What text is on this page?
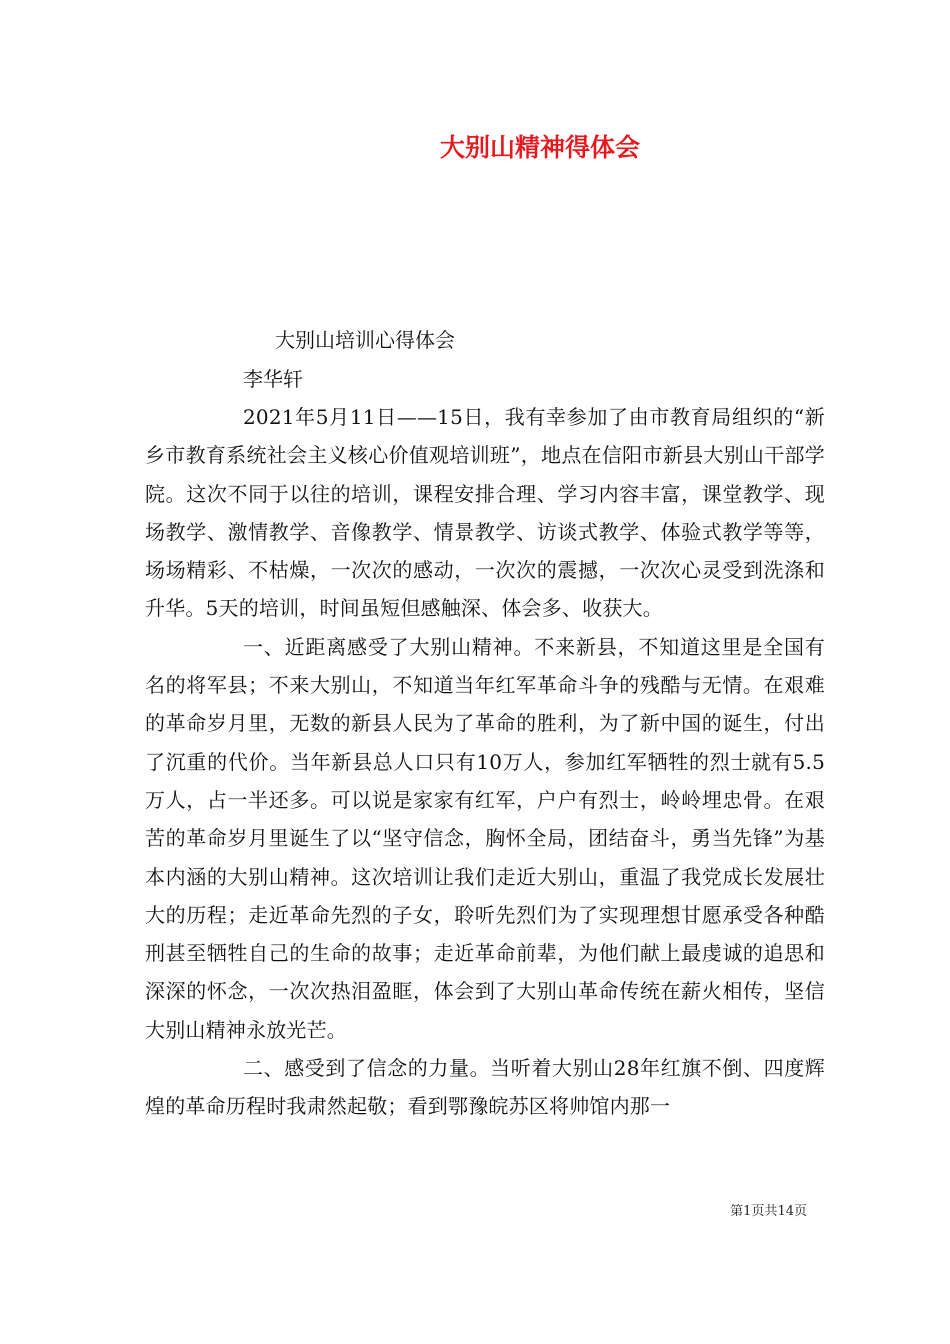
大别山精神得体会
大别山培训心得体会
李华轩

2021年5月11日——15日，我有幸参加了由市教育局组织的“新乡市教育系统社会主义核心价值观培训班”，地点在信阳市新县大别山干部学院。这次不同于以往的培训，课程安排合理、学习内容丰富，课堂教学、现场教学、激情教学、音像教学、情景教学、访谈式教学、体验式教学等等，场场精彩、不枯燥，一次次的感动，一次次的震撼，一次次心灵受到洗涤和升华。5天的培训，时间虽短但感触深、体会多、收获大。

一、近距离感受了大别山精神。不来新县，不知道这里是全国有名的将军县；不来大别山，不知道当年红军革命斗争的残酷与无情。在艰难的革命岁月里，无数的新县人民为了革命的胜利，为了新中国的诞生，付出了沉重的代价。当年新县总人口只有10万人，参加红军牺牲的烈士就有5.5万人，占一半还多。可以说是家家有红军，户户有烈士，岭岭埋忠骨。在艰苦的革命岁月里诞生了以“坚守信念，胸怀全局，团结奋斗，勇当先锋”为基本内涵的大别山精神。这次培训让我们走近大别山，重温了我党成长发展壮大的历程；走近革命先烈的子女，聆听先烈们为了实现理想甘愿承受各种酷刑甚至牺牲自己的生命的故事；走近革命前辈，为他们献上最虔诚的追思和深深的怀念，一次次热泪盈眶，体会到了大别山革命传统在薪火相传，坚信大别山精神永放光芒。

二、感受到了信念的力量。当听着大别山28年红旗不倒、四度辉煌的革命历程时我肃然起敬；看到鄂豫皖苏区将帅馆内那一

第1页共14页
